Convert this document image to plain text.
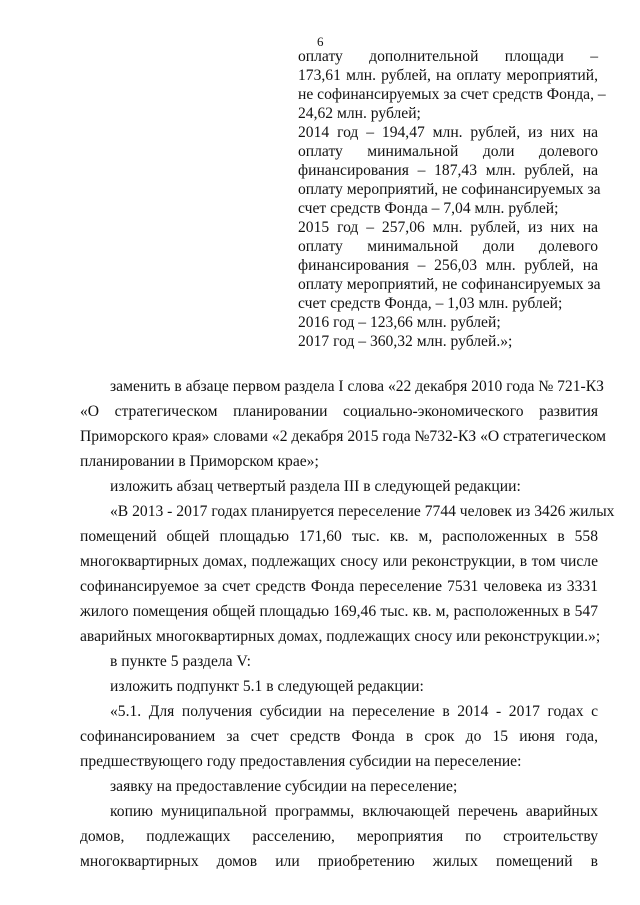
6
оплату дополнительной площади –
173,61 млн. рублей, на оплату мероприятий,
не софинансируемых за счет средств Фонда, –
24,62 млн. рублей;
2014 год – 194,47 млн. рублей, из них на
оплату минимальной доли долевого
финансирования – 187,43 млн. рублей, на
оплату мероприятий, не софинансируемых за
счет средств Фонда – 7,04 млн. рублей;
2015 год – 257,06 млн. рублей, из них на
оплату минимальной доли долевого
финансирования – 256,03 млн. рублей, на
оплату мероприятий, не софинансируемых за
счет средств Фонда, – 1,03 млн. рублей;
2016 год – 123,66 млн. рублей;
2017 год – 360,32 млн. рублей.»;
заменить в абзаце первом раздела I слова «22 декабря 2010 года № 721-КЗ
«О стратегическом планировании социально-экономического развития
Приморского края» словами «2 декабря 2015 года №732-КЗ «О стратегическом
планировании в Приморском крае»;
изложить абзац четвертый раздела III в следующей редакции:
«В 2013 - 2017 годах планируется переселение 7744 человек из 3426 жилых
помещений общей площадью 171,60 тыс. кв. м, расположенных в 558
многоквартирных домах, подлежащих сносу или реконструкции, в том числе
софинансируемое за счет средств Фонда переселение 7531 человека из 3331
жилого помещения общей площадью 169,46 тыс. кв. м, расположенных в 547
аварийных многоквартирных домах, подлежащих сносу или реконструкции.»;
в пункте 5 раздела V:
изложить подпункт 5.1 в следующей редакции:
«5.1. Для получения субсидии на переселение в 2014 - 2017 годах с
софинансированием за счет средств Фонда в срок до 15 июня года,
предшествующего году предоставления субсидии на переселение:
заявку на предоставление субсидии на переселение;
копию муниципальной программы, включающей перечень аварийных
домов, подлежащих расселению, мероприятия по строительству
многоквартирных домов или приобретению жилых помещений в
